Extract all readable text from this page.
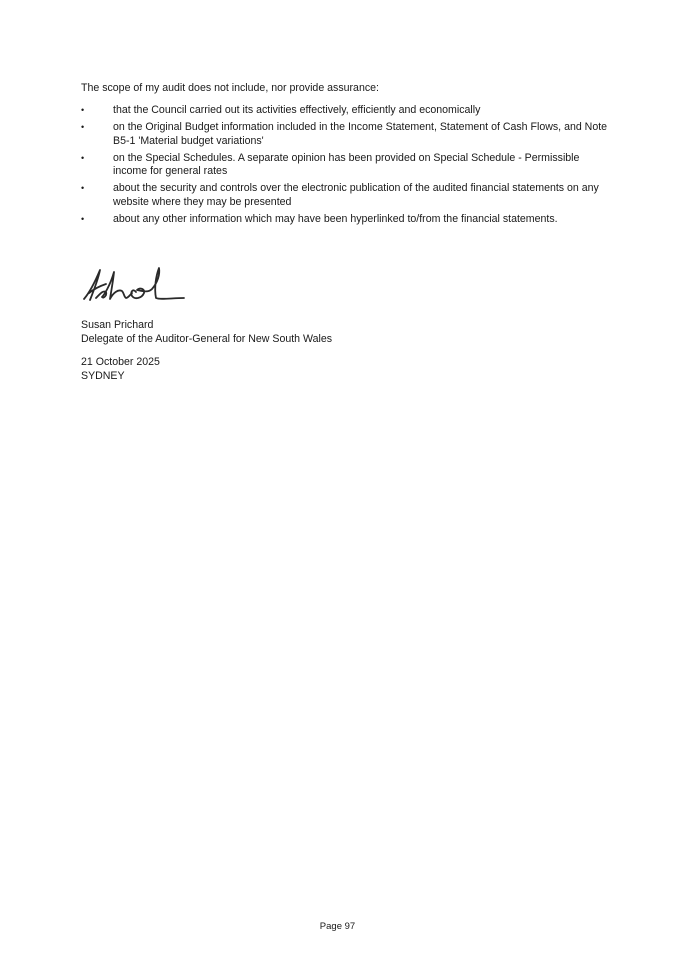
The scope of my audit does not include, nor provide assurance:

•	that the Council carried out its activities effectively, efficiently and economically
•	on the Original Budget information included in the Income Statement, Statement of Cash Flows, and Note B5-1 'Material budget variations'
•	on the Special Schedules. A separate opinion has been provided on Special Schedule - Permissible income for general rates
•	about the security and controls over the electronic publication of the audited financial statements on any website where they may be presented
•	about any other information which may have been hyperlinked to/from the financial statements.

Susan Prichard
Delegate of the Auditor-General for New South Wales

21 October 2025
SYDNEY

Page 97
